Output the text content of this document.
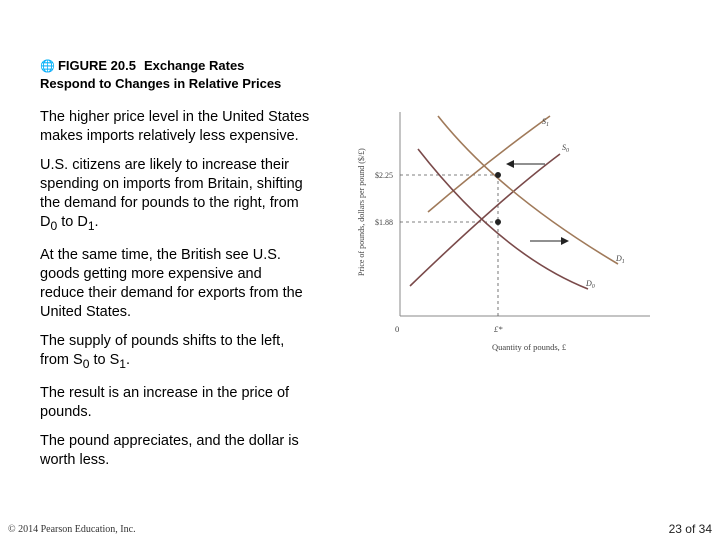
🌐 FIGURE 20.5 Exchange Rates
Respond to Changes in Relative Prices

The higher price level in the United States makes imports relatively less expensive.

U.S. citizens are likely to increase their spending on imports from Britain, shifting the demand for pounds to the right, from $D_0$ to $D_1$.

At the same time, the British see U.S. goods getting more expensive and reduce their demand for exports from the United States.

The supply of pounds shifts to the left, from $S_0$ to $S_1$.

The result is an increase in the price of pounds.

The pound appreciates, and the dollar is worth less.

Price of pounds, dollars per pound ($/£)
Quantity of pounds, £
0	£*
$2.25
$1.88
$S_1$
$S_0$
$D_1$
$D_0$
© 2014 Pearson Education, Inc.	23 of 34
